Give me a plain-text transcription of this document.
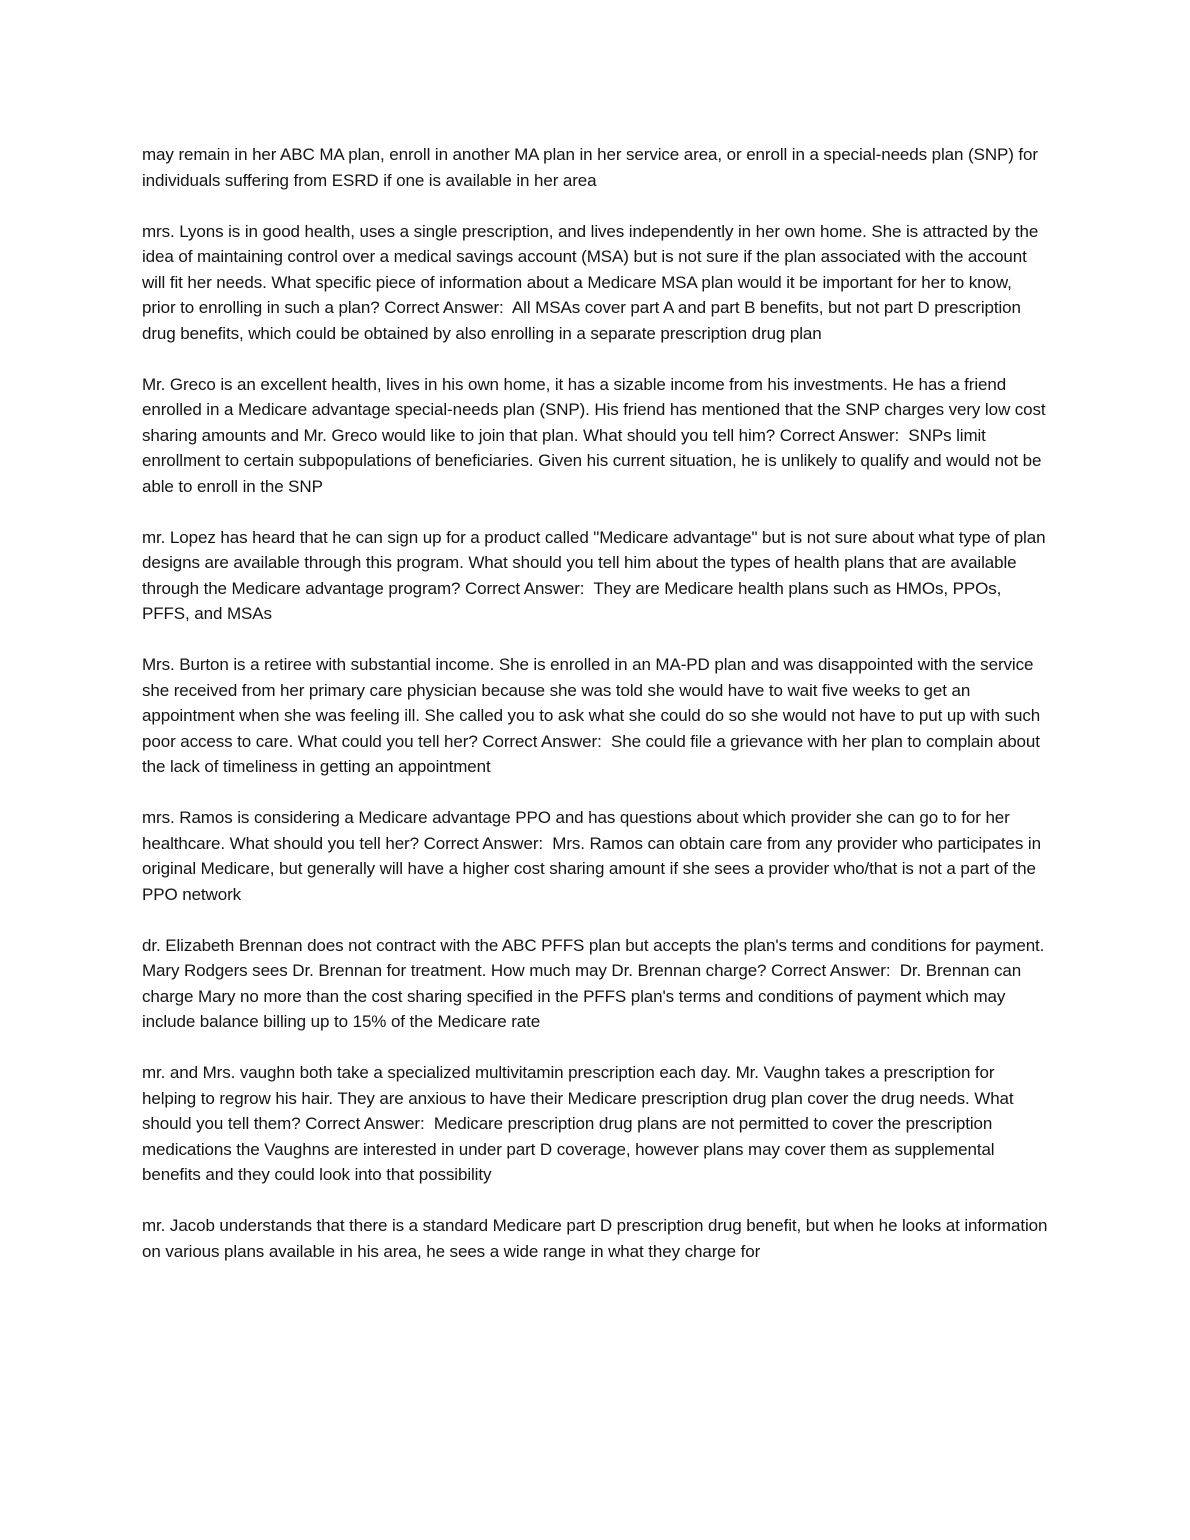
may remain in her ABC MA plan, enroll in another MA plan in her service area, or enroll in a special-needs plan (SNP) for individuals suffering from ESRD if one is available in her area

mrs. Lyons is in good health, uses a single prescription, and lives independently in her own home. She is attracted by the idea of maintaining control over a medical savings account (MSA) but is not sure if the plan associated with the account will fit her needs. What specific piece of information about a Medicare MSA plan would it be important for her to know, prior to enrolling in such a plan? Correct Answer:  All MSAs cover part A and part B benefits, but not part D prescription drug benefits, which could be obtained by also enrolling in a separate prescription drug plan

Mr. Greco is an excellent health, lives in his own home, it has a sizable income from his investments. He has a friend enrolled in a Medicare advantage special-needs plan (SNP). His friend has mentioned that the SNP charges very low cost sharing amounts and Mr. Greco would like to join that plan. What should you tell him? Correct Answer:  SNPs limit enrollment to certain subpopulations of beneficiaries. Given his current situation, he is unlikely to qualify and would not be able to enroll in the SNP

mr. Lopez has heard that he can sign up for a product called "Medicare advantage" but is not sure about what type of plan designs are available through this program. What should you tell him about the types of health plans that are available through the Medicare advantage program? Correct Answer:  They are Medicare health plans such as HMOs, PPOs, PFFS, and MSAs

Mrs. Burton is a retiree with substantial income. She is enrolled in an MA-PD plan and was disappointed with the service she received from her primary care physician because she was told she would have to wait five weeks to get an appointment when she was feeling ill. She called you to ask what she could do so she would not have to put up with such poor access to care. What could you tell her? Correct Answer:  She could file a grievance with her plan to complain about the lack of timeliness in getting an appointment

mrs. Ramos is considering a Medicare advantage PPO and has questions about which provider she can go to for her healthcare. What should you tell her? Correct Answer:  Mrs. Ramos can obtain care from any provider who participates in original Medicare, but generally will have a higher cost sharing amount if she sees a provider who/that is not a part of the PPO network

dr. Elizabeth Brennan does not contract with the ABC PFFS plan but accepts the plan's terms and conditions for payment. Mary Rodgers sees Dr. Brennan for treatment. How much may Dr. Brennan charge? Correct Answer:  Dr. Brennan can charge Mary no more than the cost sharing specified in the PFFS plan's terms and conditions of payment which may include balance billing up to 15% of the Medicare rate

mr. and Mrs. vaughn both take a specialized multivitamin prescription each day. Mr. Vaughn takes a prescription for helping to regrow his hair. They are anxious to have their Medicare prescription drug plan cover the drug needs. What should you tell them? Correct Answer:  Medicare prescription drug plans are not permitted to cover the prescription medications the Vaughns are interested in under part D coverage, however plans may cover them as supplemental benefits and they could look into that possibility

mr. Jacob understands that there is a standard Medicare part D prescription drug benefit, but when he looks at information on various plans available in his area, he sees a wide range in what they charge for
